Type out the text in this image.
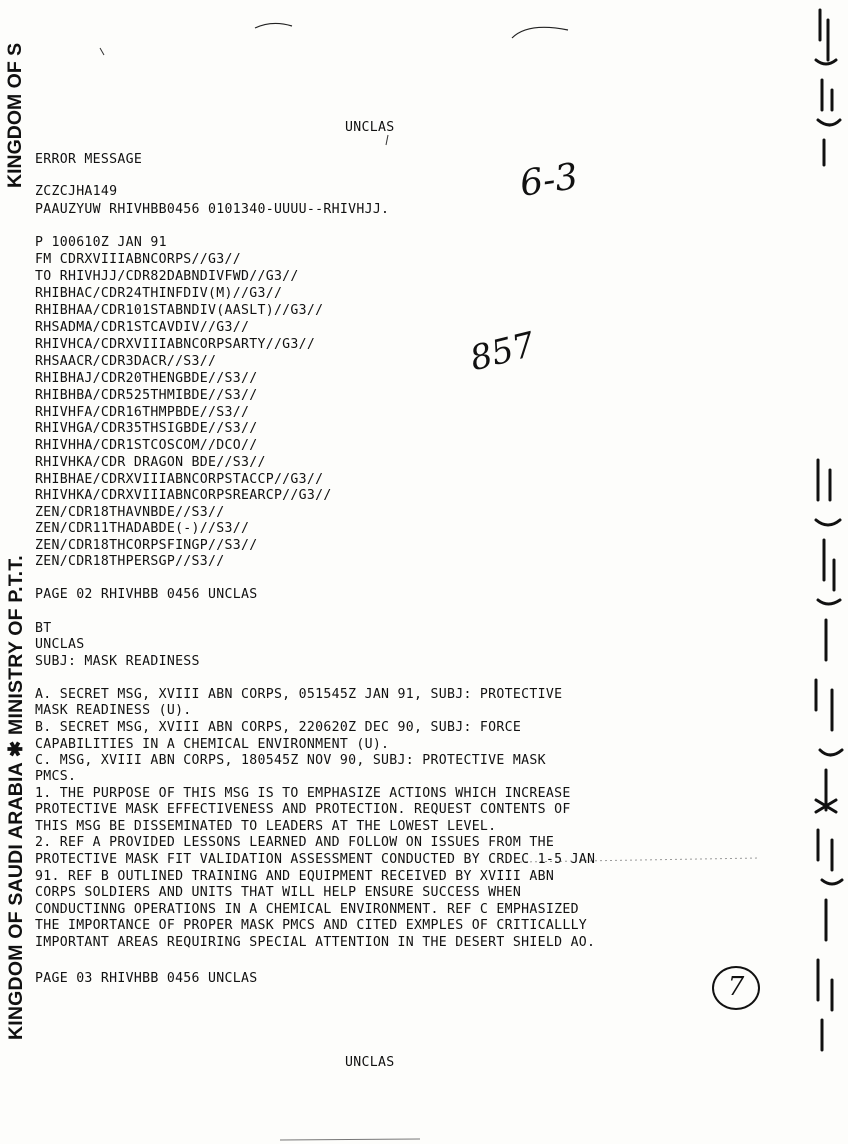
KINGDOM OF SAUDI ARABIA ✱ MINISTRY OF P.T.T.
KINGDOM OF S	UNCLAS
ERROR MESSAGE
ZCZCJHA149
PAAUZYUW RHIVHBB0456 0101340-UUUU--RHIVHJJ.
P 100610Z JAN 91
FM CDRXVIIIABNCORPS//G3//
TO RHIVHJJ/CDR82DABNDIVFWD//G3//
RHIBHAC/CDR24THINFDIV(M)//G3//
RHIBHAA/CDR101STABNDIV(AASLT)//G3//
RHSADMA/CDR1STCAVDIV//G3//
RHIVHCA/CDRXVIIIABNCORPSARTY//G3//
RHSAACR/CDR3DACR//S3//
RHIBHAJ/CDR20THENGBDE//S3//
RHIBHBA/CDR525THMIBDE//S3//
RHIVHFA/CDR16THMPBDE//S3//
RHIVHGA/CDR35THSIGBDE//S3//
RHIVHHA/CDR1STCOSCOM//DCO//
RHIVHKA/CDR DRAGON BDE//S3//
RHIBHAE/CDRXVIIIABNCORPSTACCP//G3//
RHIVHKA/CDRXVIIIABNCORPSREARCP//G3//
ZEN/CDR18THAVNBDE//S3//
ZEN/CDR11THADABDE(-)//S3//
ZEN/CDR18THCORPSFINGP//S3//
ZEN/CDR18THPERSGP//S3//
PAGE 02 RHIVHBB 0456 UNCLAS
BT
UNCLAS
SUBJ: MASK READINESS
A. SECRET MSG, XVIII ABN CORPS, 051545Z JAN 91, SUBJ: PROTECTIVE
MASK READINESS (U).
B. SECRET MSG, XVIII ABN CORPS, 220620Z DEC 90, SUBJ: FORCE
CAPABILITIES IN A CHEMICAL ENVIRONMENT (U).
C. MSG, XVIII ABN CORPS, 180545Z NOV 90, SUBJ: PROTECTIVE MASK
PMCS.
1. THE PURPOSE OF THIS MSG IS TO EMPHASIZE ACTIONS WHICH INCREASE
PROTECTIVE MASK EFFECTIVENESS AND PROTECTION. REQUEST CONTENTS OF
THIS MSG BE DISSEMINATED TO LEADERS AT THE LOWEST LEVEL.
2. REF A PROVIDED LESSONS LEARNED AND FOLLOW ON ISSUES FROM THE
PROTECTIVE MASK FIT VALIDATION ASSESSMENT CONDUCTED BY CRDEC 1-5 JAN
91. REF B OUTLINED TRAINING AND EQUIPMENT RECEIVED BY XVIII ABN
CORPS SOLDIERS AND UNITS THAT WILL HELP ENSURE SUCCESS WHEN
CONDUCTINNG OPERATIONS IN A CHEMICAL ENVIRONMENT. REF C EMPHASIZED
THE IMPORTANCE OF PROPER MASK PMCS AND CITED EXMPLES OF CRITICALLLY
IMPORTANT AREAS REQUIRING SPECIAL ATTENTION IN THE DESERT SHIELD AO.
PAGE 03 RHIVHBB 0456 UNCLAS
UNCLAS
6-3
857
7
